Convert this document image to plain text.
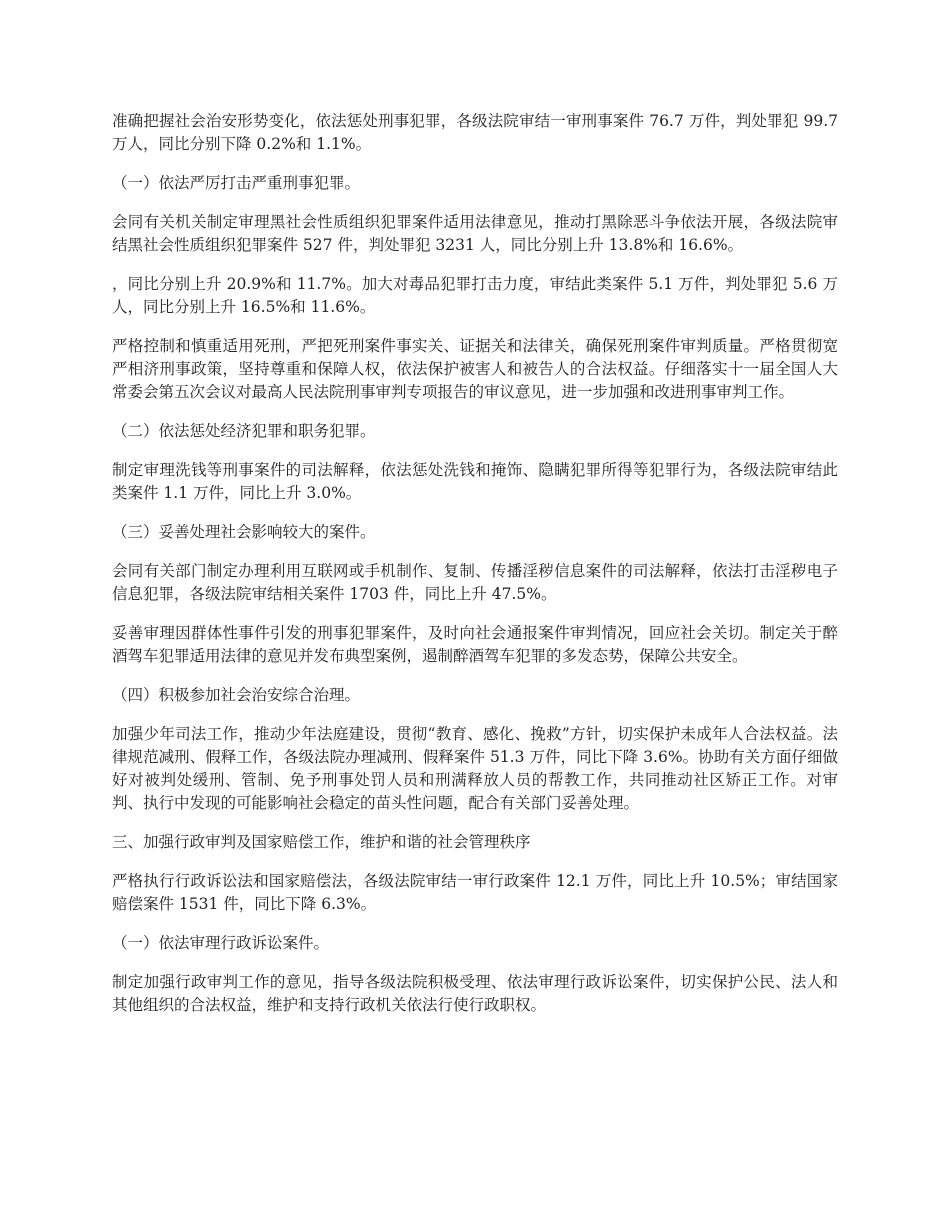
准确把握社会治安形势变化，依法惩处刑事犯罪，各级法院审结一审刑事案件 76.7 万件，判处罪犯 99.7 万人，同比分别下降 0.2%和 1.1%。

（一）依法严厉打击严重刑事犯罪。

会同有关机关制定审理黑社会性质组织犯罪案件适用法律意见，推动打黑除恶斗争依法开展，各级法院审结黑社会性质组织犯罪案件 527 件，判处罪犯 3231 人，同比分别上升 13.8%和 16.6%。

，同比分别上升 20.9%和 11.7%。加大对毒品犯罪打击力度，审结此类案件 5.1 万件，判处罪犯 5.6 万人，同比分别上升 16.5%和 11.6%。

严格控制和慎重适用死刑，严把死刑案件事实关、证据关和法律关，确保死刑案件审判质量。严格贯彻宽严相济刑事政策，坚持尊重和保障人权，依法保护被害人和被告人的合法权益。仔细落实十一届全国人大常委会第五次会议对最高人民法院刑事审判专项报告的审议意见，进一步加强和改进刑事审判工作。

（二）依法惩处经济犯罪和职务犯罪。

制定审理洗钱等刑事案件的司法解释，依法惩处洗钱和掩饰、隐瞒犯罪所得等犯罪行为，各级法院审结此类案件 1.1 万件，同比上升 3.0%。

（三）妥善处理社会影响较大的案件。

会同有关部门制定办理利用互联网或手机制作、复制、传播淫秽信息案件的司法解释，依法打击淫秽电子信息犯罪，各级法院审结相关案件 1703 件，同比上升 47.5%。

妥善审理因群体性事件引发的刑事犯罪案件，及时向社会通报案件审判情况，回应社会关切。制定关于醉酒驾车犯罪适用法律的意见并发布典型案例，遏制醉酒驾车犯罪的多发态势，保障公共安全。

（四）积极参加社会治安综合治理。

加强少年司法工作，推动少年法庭建设，贯彻“教育、感化、挽救”方针，切实保护未成年人合法权益。法律规范减刑、假释工作，各级法院办理减刑、假释案件 51.3 万件，同比下降 3.6%。协助有关方面仔细做好对被判处缓刑、管制、免予刑事处罚人员和刑满释放人员的帮教工作，共同推动社区矫正工作。对审判、执行中发现的可能影响社会稳定的苗头性问题，配合有关部门妥善处理。

三、加强行政审判及国家赔偿工作，维护和谐的社会管理秩序

严格执行行政诉讼法和国家赔偿法，各级法院审结一审行政案件 12.1 万件，同比上升 10.5%；审结国家赔偿案件 1531 件，同比下降 6.3%。

（一）依法审理行政诉讼案件。

制定加强行政审判工作的意见，指导各级法院积极受理、依法审理行政诉讼案件，切实保护公民、法人和其他组织的合法权益，维护和支持行政机关依法行使行政职权。
